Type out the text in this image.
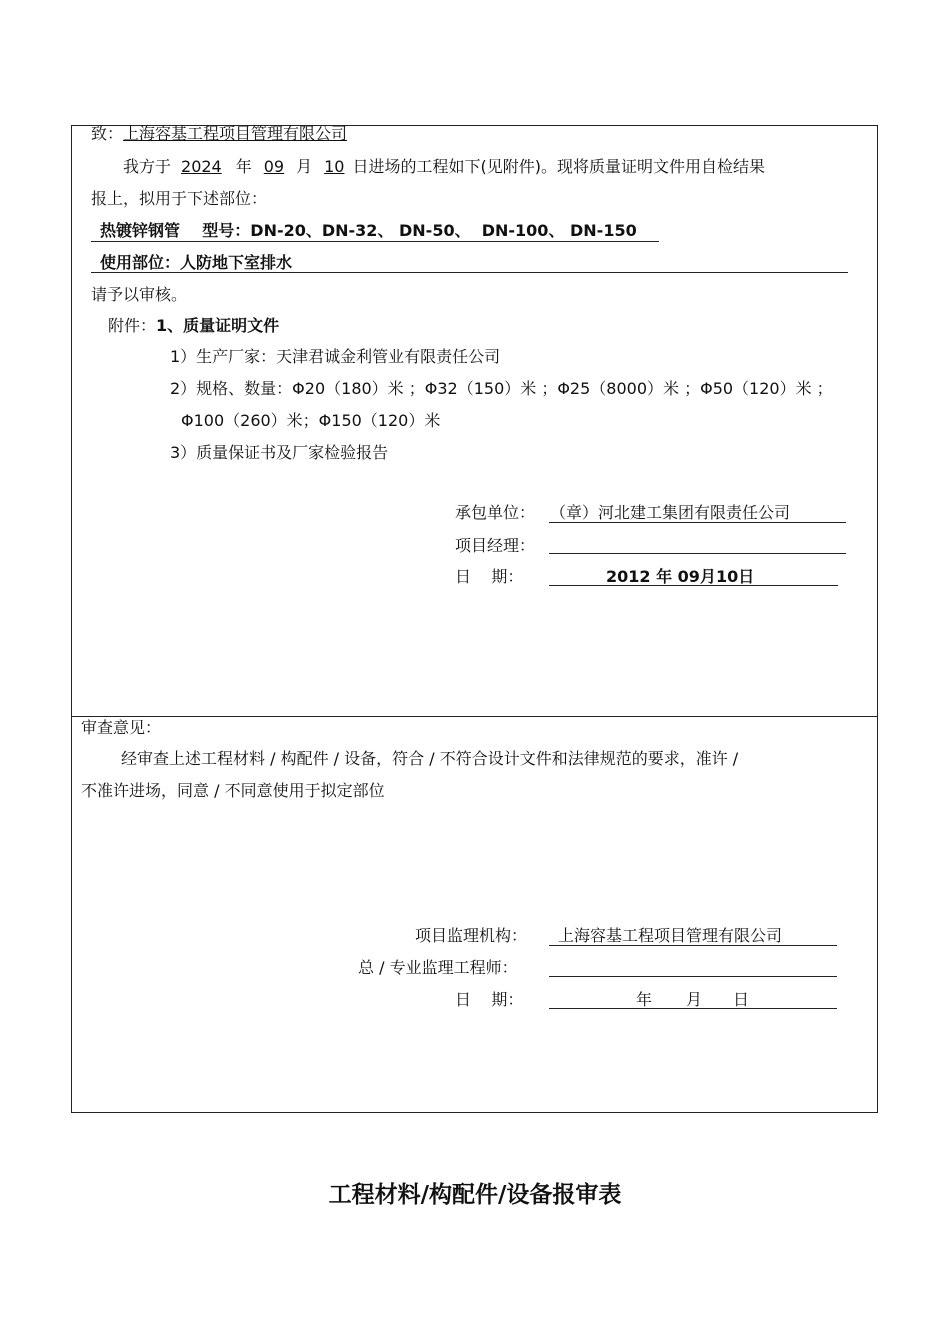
致：上海容基工程项目管理有限公司
我方于 2024 年 09 月 10 日进场的工程如下(见附件)。现将质量证明文件用自检结果
报上，拟用于下述部位：
热镀锌钢管    型号：DN-20、DN-32、 DN-50、  DN-100、 DN-150
使用部位：人防地下室排水
请予以审核。
附件：1、质量证明文件
1）生产厂家：天津君诚金利管业有限责任公司
2）规格、数量：Φ20（180）米 ；Φ32（150）米 ；Φ25（8000）米 ；Φ50（120）米 ；
Φ100（260）米；Φ150（120）米
3）质量保证书及厂家检验报告
承包单位： （章）河北建工集团有限责任公司
项目经理：
日    期：	2012 年 09月10日
审查意见：
经审查上述工程材料 / 构配件 / 设备，符合 / 不符合设计文件和法律规范的要求，准许 /
不准许进场，同意 / 不同意使用于拟定部位
项目监理机构： 上海容基工程项目管理有限公司
总 / 专业监理工程师：
日    期：	年 月 日
工程材料/构配件/设备报审表
